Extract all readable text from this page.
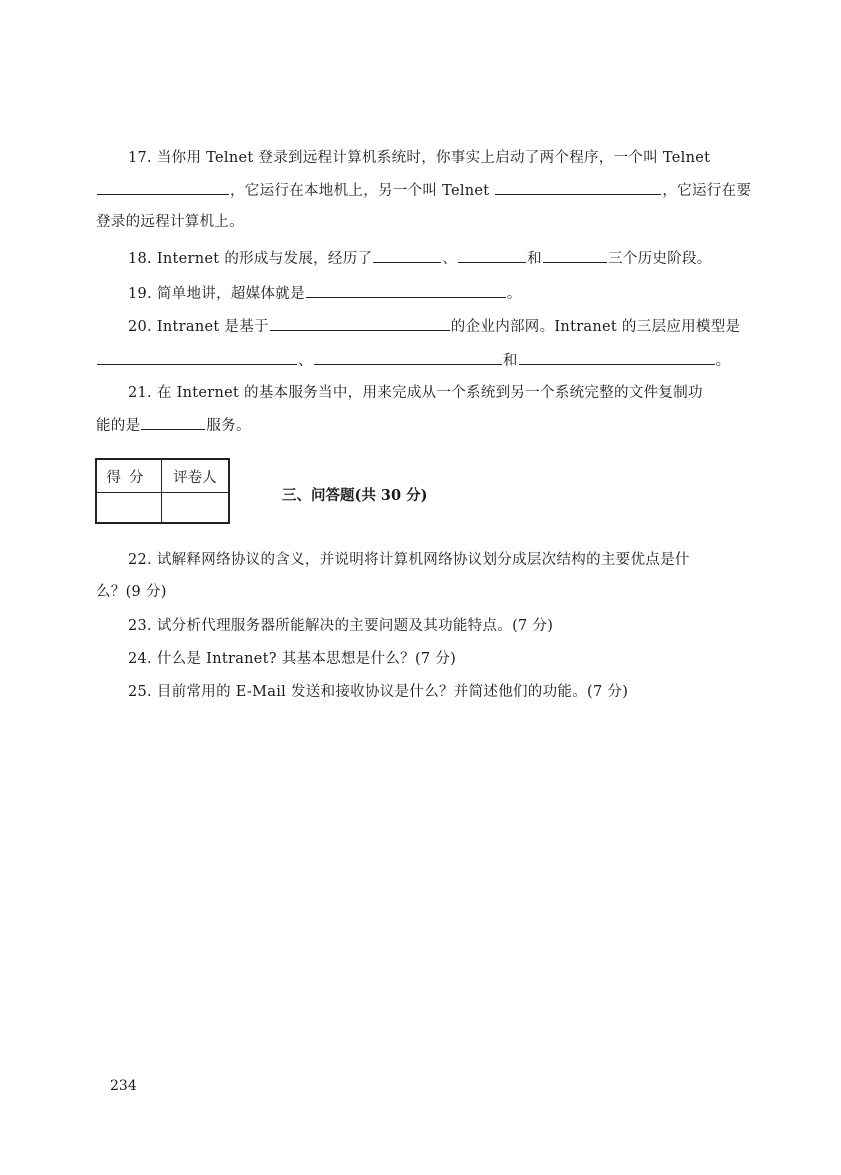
17. 当你用 Telnet 登录到远程计算机系统时，你事实上启动了两个程序，一个叫 Telnet
，它运行在本地机上，另一个叫 Telnet	，它运行在要
登录的远程计算机上。
18. Internet 的形成与发展，经历了	、	和	三个历史阶段。
19. 简单地讲，超媒体就是	。
20. Intranet 是基于	的企业内部网。Intranet 的三层应用模型是
、	和	。
21. 在 Internet 的基本服务当中，用来完成从一个系统到另一个系统完整的文件复制功
能的是	服务。
得分	评卷人
三、问答题(共 30 分)
22. 试解释网络协议的含义，并说明将计算机网络协议划分成层次结构的主要优点是什
么？(9 分)
23. 试分析代理服务器所能解决的主要问题及其功能特点。(7 分)
24. 什么是 Intranet? 其基本思想是什么？(7 分)
25. 目前常用的 E-Mail 发送和接收协议是什么？并简述他们的功能。(7 分)
234
